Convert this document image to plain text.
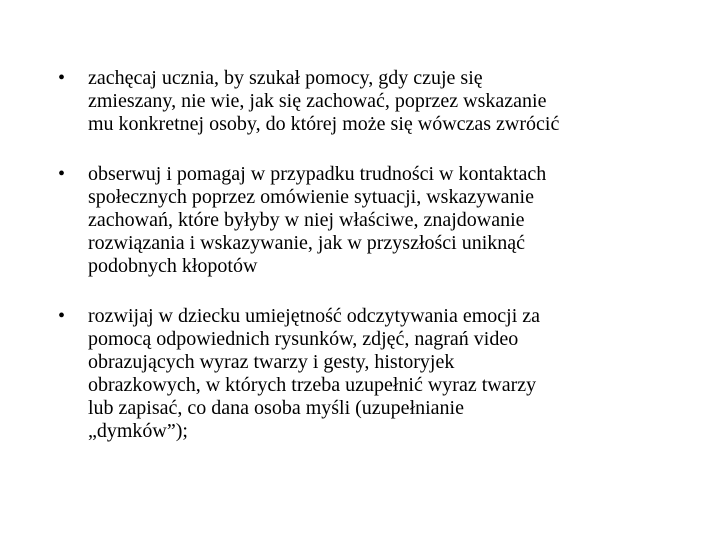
• zachęcaj ucznia, by szukał pomocy, gdy czuje się
zmieszany, nie wie, jak się zachować, poprzez wskazanie
mu konkretnej osoby, do której może się wówczas zwrócić
• obserwuj i pomagaj w przypadku trudności w kontaktach
społecznych poprzez omówienie sytuacji, wskazywanie
zachowań, które byłyby w niej właściwe, znajdowanie
rozwiązania i wskazywanie, jak w przyszłości uniknąć
podobnych kłopotów
• rozwijaj w dziecku umiejętność odczytywania emocji za
pomocą odpowiednich rysunków, zdjęć, nagrań video
obrazujących wyraz twarzy i gesty, historyjek
obrazkowych, w których trzeba uzupełnić wyraz twarzy
lub zapisać, co dana osoba myśli (uzupełnianie
„dymków”);
